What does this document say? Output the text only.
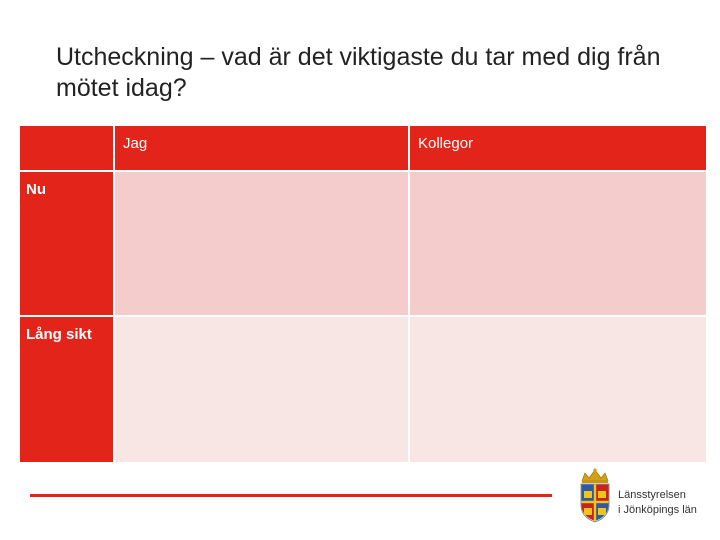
Utcheckning – vad är det viktigaste du tar med dig från mötet idag?
Jag	Kollegor
Nu
Lång sikt
Länsstyrelsen
i Jönköpings län
